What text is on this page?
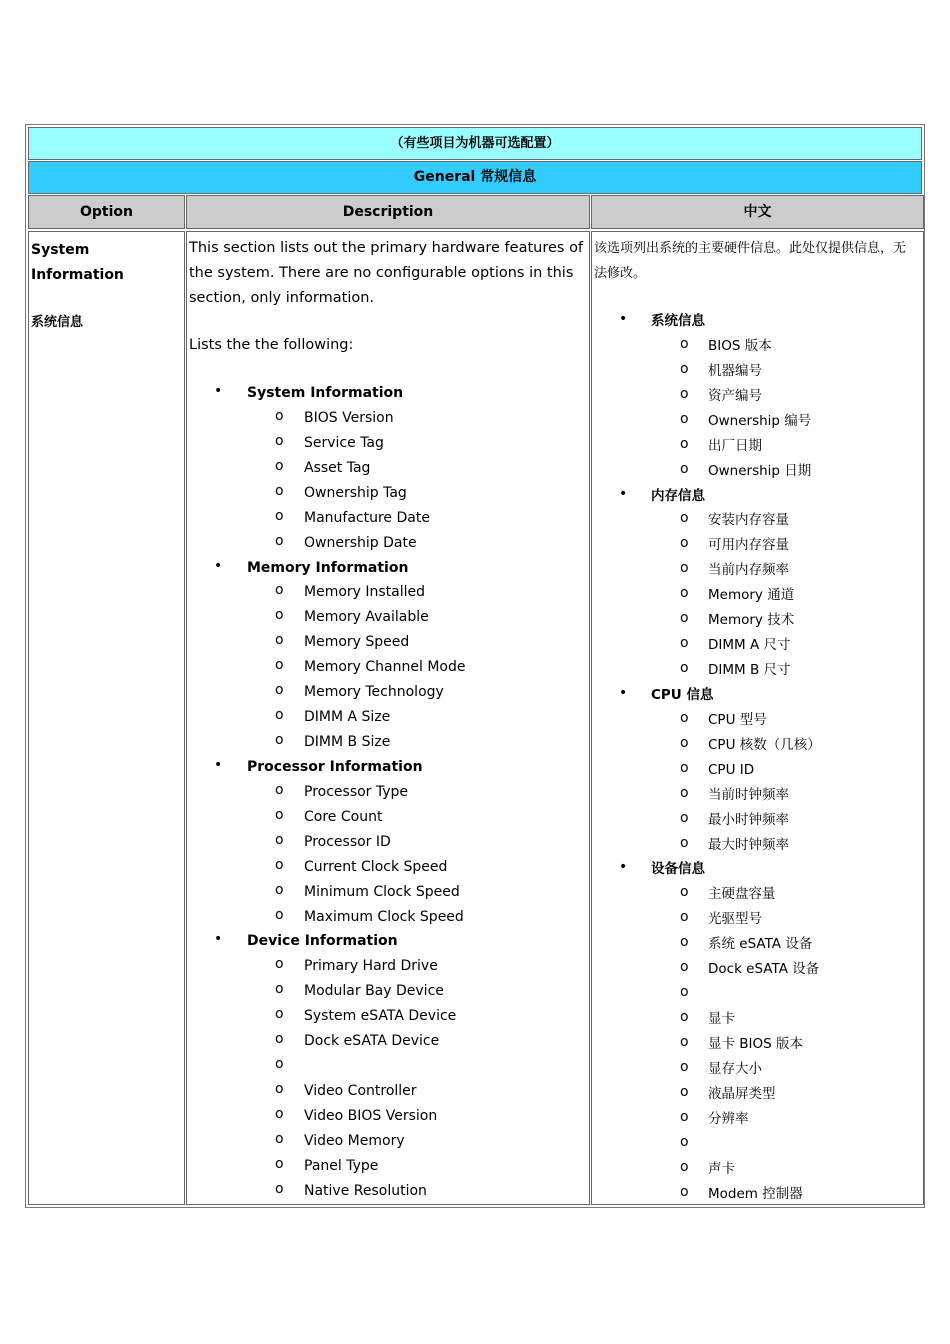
（有些项目为机器可选配置）
General 常规信息
Option	Description	中文
System
Information
系统信息
This section lists out the primary hardware features of the system. There are no configurable options in this section, only information.
Lists the the following:
• System Information
o BIOS Version
o Service Tag
o Asset Tag
o Ownership Tag
o Manufacture Date
o Ownership Date
• Memory Information
o Memory Installed
o Memory Available
o Memory Speed
o Memory Channel Mode
o Memory Technology
o DIMM A Size
o DIMM B Size
• Processor Information
o Processor Type
o Core Count
o Processor ID
o Current Clock Speed
o Minimum Clock Speed
o Maximum Clock Speed
• Device Information
o Primary Hard Drive
o Modular Bay Device
o System eSATA Device
o Dock eSATA Device
o
o Video Controller
o Video BIOS Version
o Video Memory
o Panel Type
o Native Resolution
该选项列出系统的主要硬件信息。此处仅提供信息，无法修改。
• 系统信息
o BIOS 版本
o 机器编号
o 资产编号
o Ownership 编号
o 出厂日期
o Ownership 日期
• 内存信息
o 安装内存容量
o 可用内存容量
o 当前内存频率
o Memory 通道
o Memory 技术
o DIMM A 尺寸
o DIMM B 尺寸
• CPU 信息
o CPU 型号
o CPU 核数（几核）
o CPU ID
o 当前时钟频率
o 最小时钟频率
o 最大时钟频率
• 设备信息
o 主硬盘容量
o 光驱型号
o 系统 eSATA 设备
o Dock eSATA 设备
o
o 显卡
o 显卡 BIOS 版本
o 显存大小
o 液晶屏类型
o 分辨率
o
o 声卡
o Modem 控制器
